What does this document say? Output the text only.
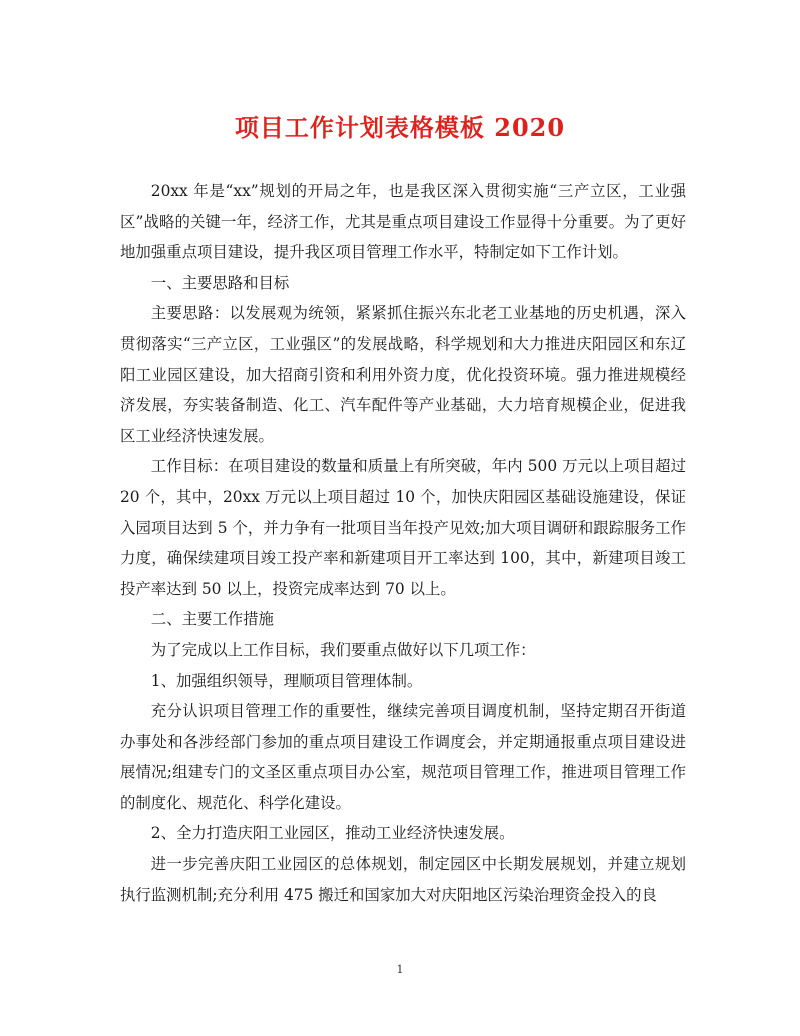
项目工作计划表格模板 2020

20xx 年是“xx”规划的开局之年，也是我区深入贯彻实施“三产立区，工业强区”战略的关键一年，经济工作，尤其是重点项目建设工作显得十分重要。为了更好地加强重点项目建设，提升我区项目管理工作水平，特制定如下工作计划。

一、主要思路和目标

主要思路：以发展观为统领，紧紧抓住振兴东北老工业基地的历史机遇，深入贯彻落实“三产立区，工业强区”的发展战略，科学规划和大力推进庆阳园区和东辽阳工业园区建设，加大招商引资和利用外资力度，优化投资环境。强力推进规模经济发展，夯实装备制造、化工、汽车配件等产业基础，大力培育规模企业，促进我区工业经济快速发展。

工作目标：在项目建设的数量和质量上有所突破，年内 500 万元以上项目超过 20 个，其中，20xx 万元以上项目超过 10 个，加快庆阳园区基础设施建设，保证入园项目达到 5 个，并力争有一批项目当年投产见效;加大项目调研和跟踪服务工作力度，确保续建项目竣工投产率和新建项目开工率达到 100，其中，新建项目竣工投产率达到 50 以上，投资完成率达到 70 以上。

二、主要工作措施

为了完成以上工作目标，我们要重点做好以下几项工作：

1、加强组织领导，理顺项目管理体制。

充分认识项目管理工作的重要性，继续完善项目调度机制，坚持定期召开街道办事处和各涉经部门参加的重点项目建设工作调度会，并定期通报重点项目建设进展情况;组建专门的文圣区重点项目办公室，规范项目管理工作，推进项目管理工作的制度化、规范化、科学化建设。

2、全力打造庆阳工业园区，推动工业经济快速发展。

进一步完善庆阳工业园区的总体规划，制定园区中长期发展规划，并建立规划执行监测机制;充分利用 475 搬迁和国家加大对庆阳地区污染治理资金投入的良

1
